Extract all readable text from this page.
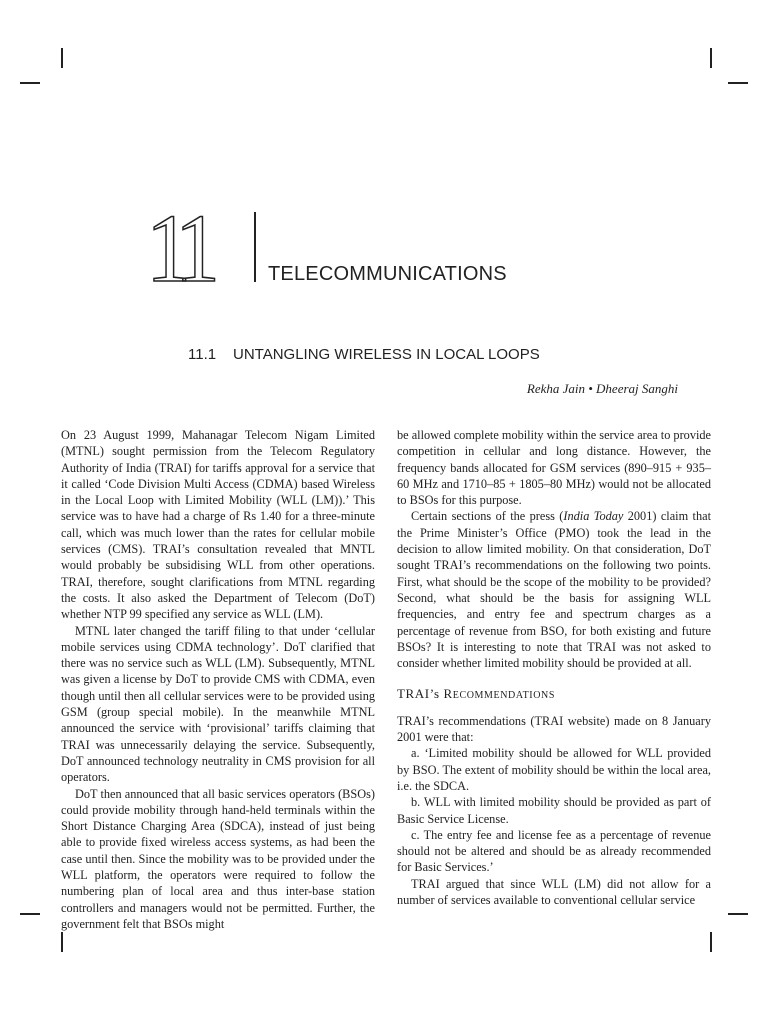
11	TELECOMMUNICATIONS
11.1 UNTANGLING WIRELESS IN LOCAL LOOPS
Rekha Jain • Dheeraj Sanghi

On 23 August 1999, Mahanagar Telecom Nigam Limited (MTNL) sought permission from the Telecom Regulatory Authority of India (TRAI) for tariffs approval for a service that it called ‘Code Division Multi Access (CDMA) based Wireless in the Local Loop with Limited Mobility (WLL (LM)).’ This service was to have had a charge of Rs 1.40 for a three-minute call, which was much lower than the rates for cellular mobile services (CMS). TRAI’s consultation revealed that MNTL would probably be subsidising WLL from other operations. TRAI, therefore, sought clarifications from MTNL regarding the costs. It also asked the Department of Telecom (DoT) whether NTP 99 specified any service as WLL (LM).

MTNL later changed the tariff filing to that under ‘cellular mobile services using CDMA technology’. DoT clarified that there was no service such as WLL (LM). Subsequently, MTNL was given a license by DoT to provide CMS with CDMA, even though until then all cellular services were to be provided using GSM (group special mobile). In the meanwhile MTNL announced the service with ‘provisional’ tariffs claiming that TRAI was unnecessarily delaying the service. Subsequently, DoT announced technology neutrality in CMS provision for all operators.

DoT then announced that all basic services operators (BSOs) could provide mobility through hand-held terminals within the Short Distance Charging Area (SDCA), instead of just being able to provide fixed wireless access systems, as had been the case until then. Since the mobility was to be provided under the WLL platform, the operators were required to follow the numbering plan of local area and thus inter-base station controllers and managers would not be permitted. Further, the government felt that BSOs might

be allowed complete mobility within the service area to provide competition in cellular and long distance. However, the frequency bands allocated for GSM services (890–915 + 935–60 MHz and 1710–85 + 1805–80 MHz) would not be allocated to BSOs for this purpose.

Certain sections of the press (India Today 2001) claim that the Prime Minister’s Office (PMO) took the lead in the decision to allow limited mobility. On that consideration, DoT sought TRAI’s recommendations on the following two points. First, what should be the scope of the mobility to be provided? Second, what should be the basis for assigning WLL frequencies, and entry fee and spectrum charges as a percentage of revenue from BSO, for both existing and future BSOs? It is interesting to note that TRAI was not asked to consider whether limited mobility should be provided at all.

TRAI’s RECOMMENDATIONS

TRAI’s recommendations (TRAI website) made on 8 January 2001 were that:

a. ‘Limited mobility should be allowed for WLL provided by BSO. The extent of mobility should be within the local area, i.e. the SDCA.

b. WLL with limited mobility should be provided as part of Basic Service License.

c. The entry fee and license fee as a percentage of revenue should not be altered and should be as already recommended for Basic Services.’

TRAI argued that since WLL (LM) did not allow for a number of services available to conventional cellular service
